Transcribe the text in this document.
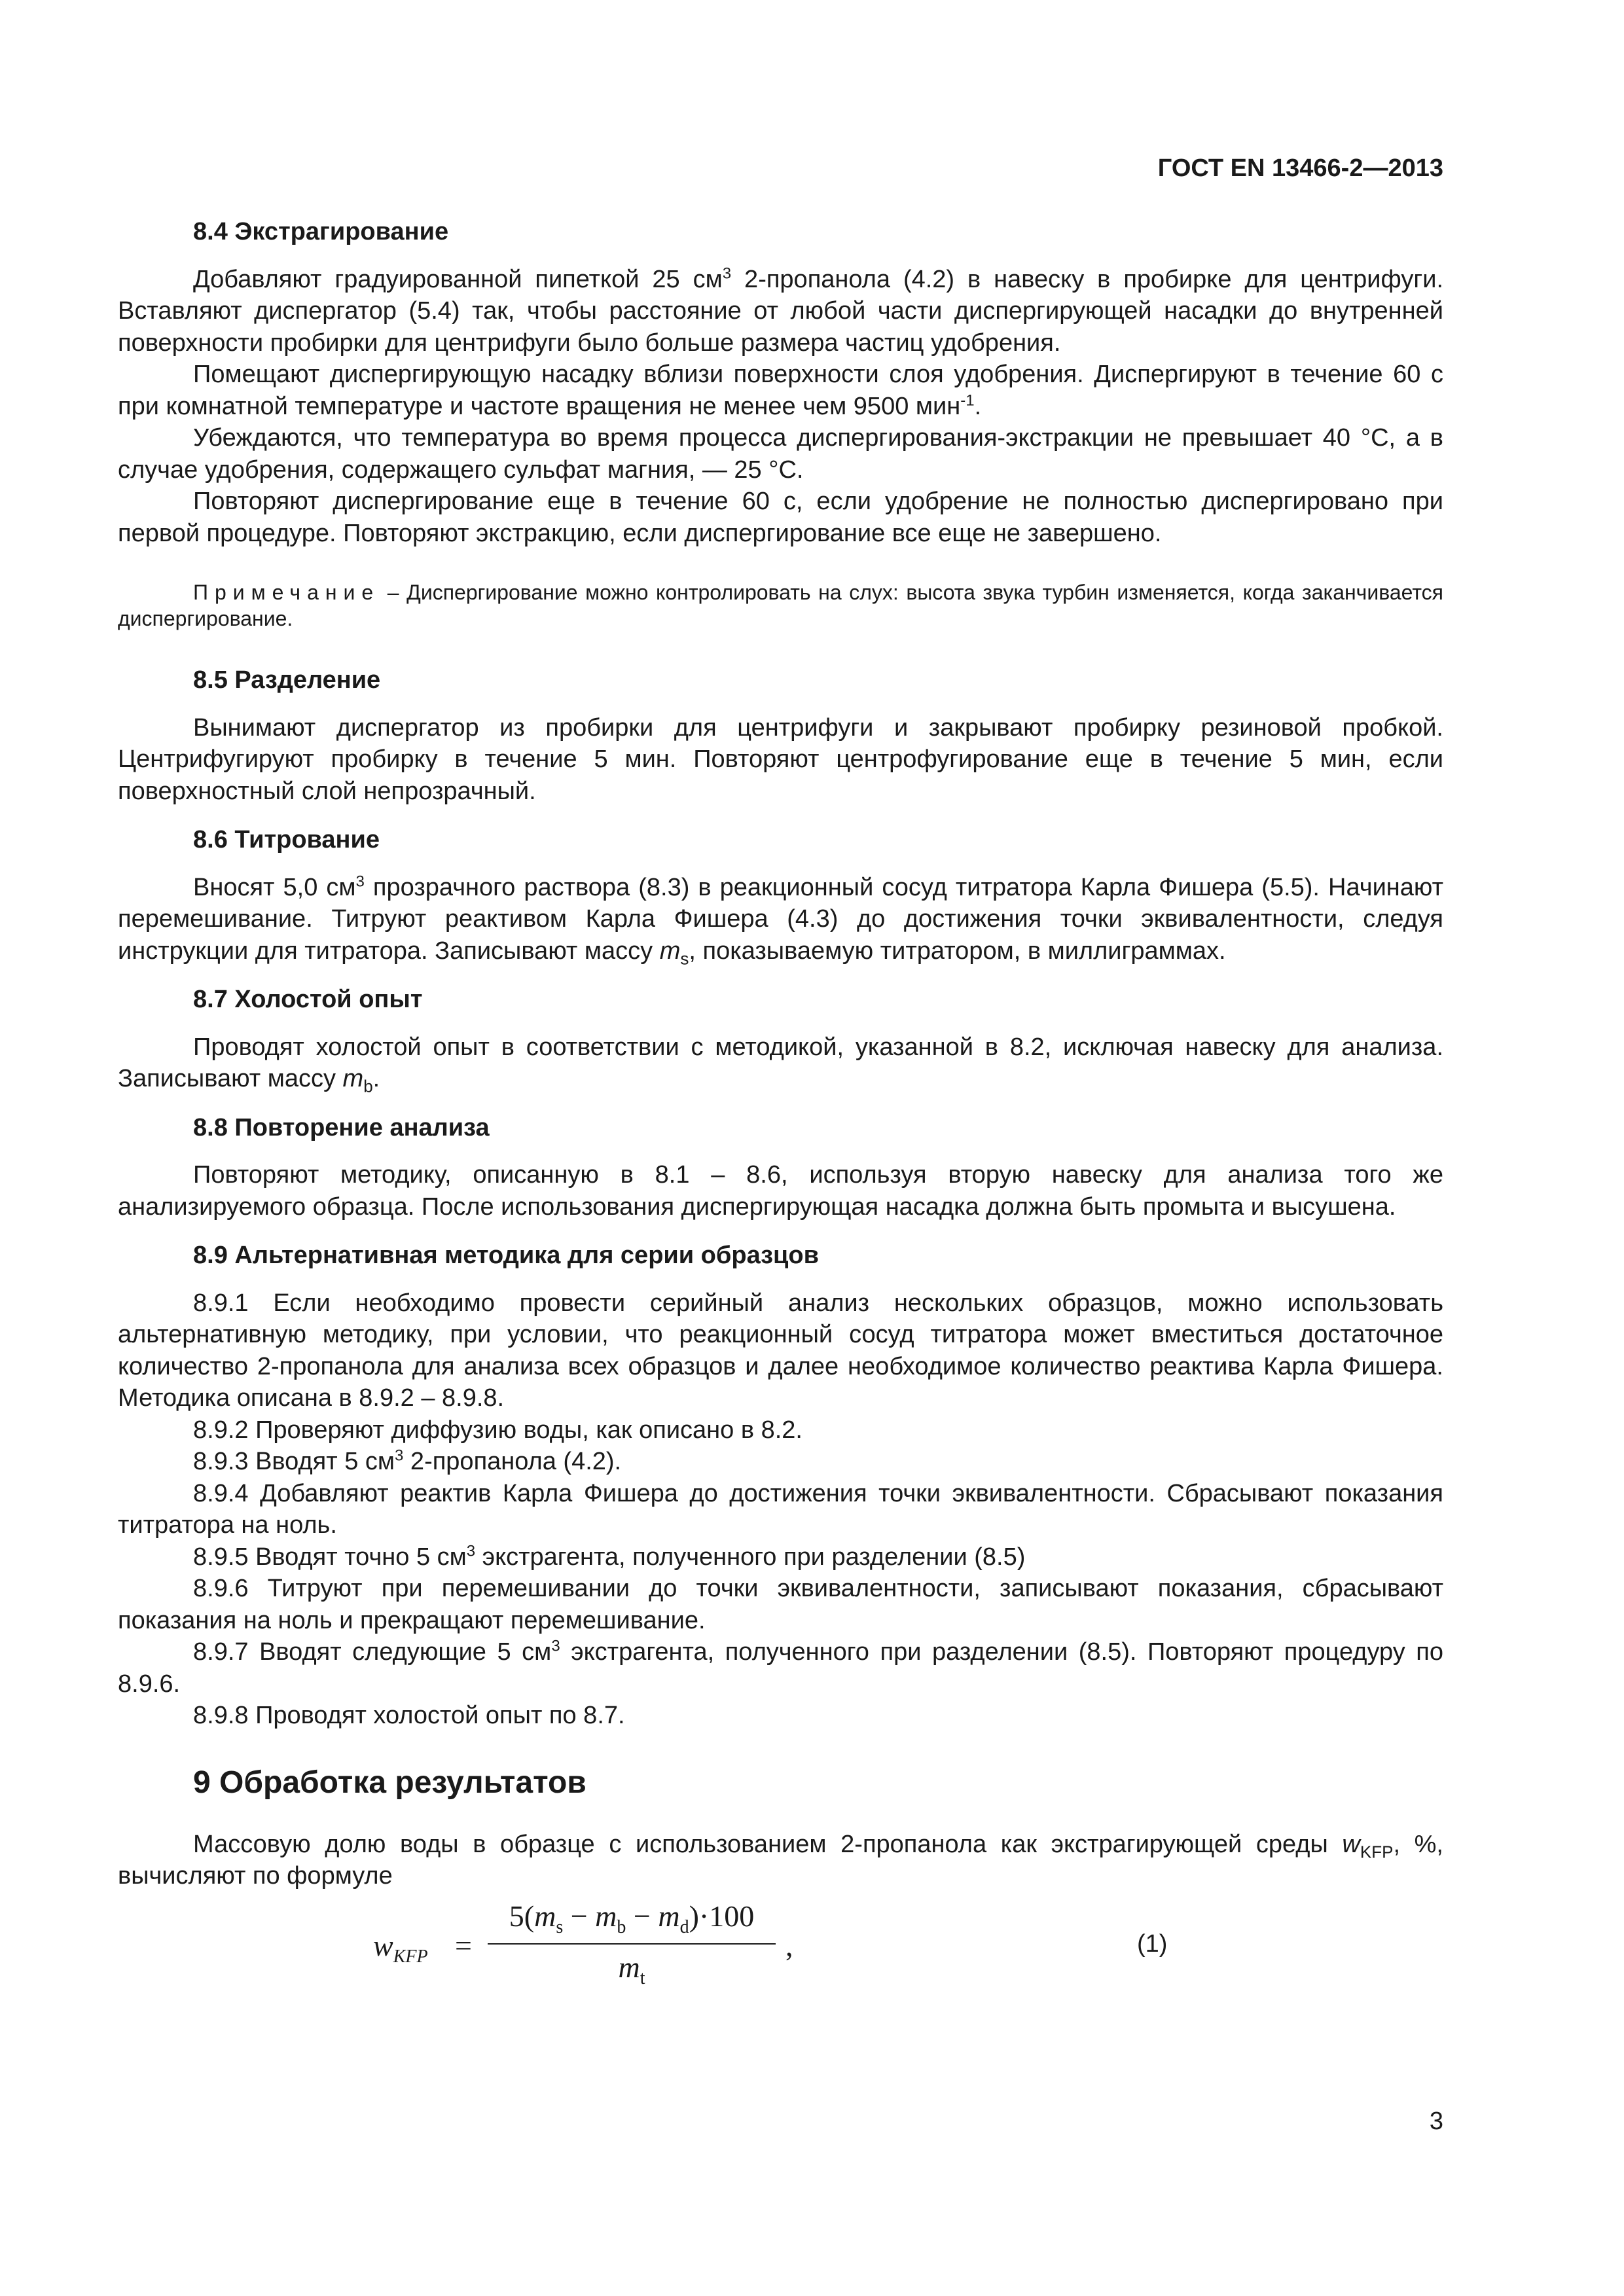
ГОСТ EN 13466-2—2013
8.4 Экстрагирование

Добавляют градуированной пипеткой 25 $см^3$ 2-пропанола (4.2) в навеску в пробирке для центрифуги. Вставляют диспергатор (5.4) так, чтобы расстояние от любой части диспергирующей насадки до внутренней поверхности пробирки для центрифуги было больше размера частиц удобрения.

Помещают диспергирующую насадку вблизи поверхности слоя удобрения. Диспергируют в течение 60 с при комнатной температуре и частоте вращения не менее чем 9500 мин$^{-1}$.

Убеждаются, что температура во время процесса диспергирования-экстракции не превышает 40 °С, а в случае удобрения, содержащего сульфат магния, — 25 °С.

Повторяют диспергирование еще в течение 60 с, если удобрение не полностью диспергировано при первой процедуре. Повторяют экстракцию, если диспергирование все еще не завершено.

Примечание – Диспергирование можно контролировать на слух: высота звука турбин изменяется, когда заканчивается диспергирование.

8.5 Разделение

Вынимают диспергатор из пробирки для центрифуги и закрывают пробирку резиновой пробкой. Центрифугируют пробирку в течение 5 мин. Повторяют центрофугирование еще в течение 5 мин, если поверхностный слой непрозрачный.

8.6 Титрование

Вносят 5,0 $см^3$ прозрачного раствора (8.3) в реакционный сосуд титратора Карла Фишера (5.5). Начинают перемешивание. Титруют реактивом Карла Фишера (4.3) до достижения точки эквивалентности, следуя инструкции для титратора. Записывают массу $m_s$, показываемую титратором, в миллиграммах.

8.7 Холостой опыт

Проводят холостой опыт в соответствии с методикой, указанной в 8.2, исключая навеску для анализа. Записывают массу $m_b$.

8.8 Повторение анализа

Повторяют методику, описанную в 8.1 – 8.6, используя вторую навеску для анализа того же анализируемого образца. После использования диспергирующая насадка должна быть промыта и высушена.

8.9 Альтернативная методика для серии образцов

8.9.1 Если необходимо провести серийный анализ нескольких образцов, можно использовать альтернативную методику, при условии, что реакционный сосуд титратора может вместиться достаточное количество 2-пропанола для анализа всех образцов и далее необходимое количество реактива Карла Фишера. Методика описана в 8.9.2 – 8.9.8.

8.9.2 Проверяют диффузию воды, как описано в 8.2.

8.9.3 Вводят 5 $см^3$ 2-пропанола (4.2).

8.9.4 Добавляют реактив Карла Фишера до достижения точки эквивалентности. Сбрасывают показания титратора на ноль.

8.9.5 Вводят точно 5 $см^3$ экстрагента, полученного при разделении (8.5)

8.9.6 Титруют при перемешивании до точки эквивалентности, записывают показания, сбрасывают показания на ноль и прекращают перемешивание.

8.9.7 Вводят следующие 5 $см^3$ экстрагента, полученного при разделении (8.5). Повторяют процедуру по 8.9.6.

8.9.8 Проводят холостой опыт по 8.7.

9 Обработка результатов

Массовую долю воды в образце с использованием 2-пропанола как экстрагирующей среды $w_{KFP}$, %, вычисляют по формуле

$w_{KFP}$ =
$5(m_s - m_b - m_d)\cdot 100$
$m_t$
,	(1)
3
